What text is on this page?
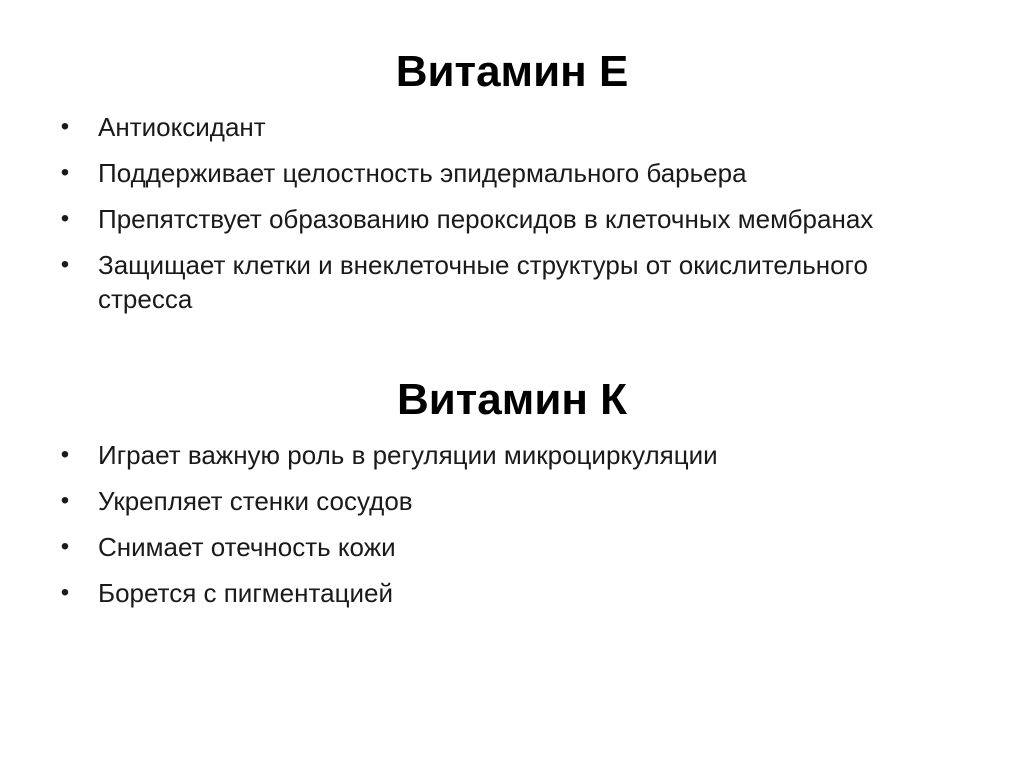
Витамин Е
• Антиоксидант
• Поддерживает целостность эпидермального барьера
• Препятствует образованию пероксидов в клеточных мембранах
• Защищает клетки и внеклеточные структуры от окислительного стресса
Витамин К
• Играет важную роль в регуляции микроциркуляции
• Укрепляет стенки сосудов
• Снимает отечность кожи
• Борется с пигментацией
